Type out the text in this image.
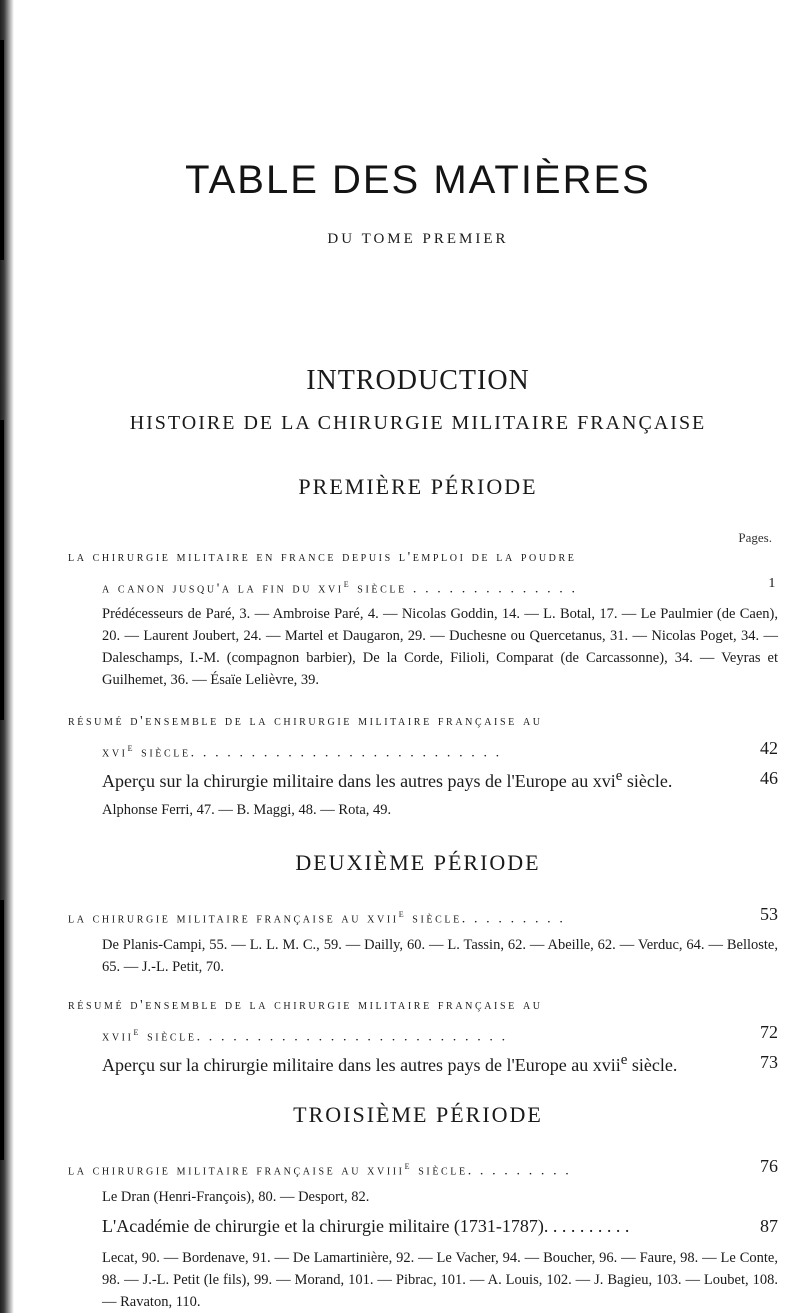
TABLE DES MATIÈRES
DU TOME PREMIER
INTRODUCTION
HISTOIRE DE LA CHIRURGIE MILITAIRE FRANÇAISE
PREMIÈRE PÉRIODE
Pages.
la chirurgie militaire en france depuis l'emploi de la poudre
a canon jusqu'a la fin du xvi$^e$ siècle . . . . . . . . . . . . . .	1
Prédécesseurs de Paré, 3. — Ambroise Paré, 4. — Nicolas Goddin, 14. — L. Botal, 17. — Le Paulmier (de Caen), 20. — Laurent Joubert, 24. — Martel et Daugaron, 29. — Duchesne ou Quercetanus, 31. — Nicolas Poget, 34. — Daleschamps, I.-M. (compagnon barbier), De la Corde, Filioli, Comparat (de Carcassonne), 34. — Veyras et Guilhemet, 36. — Ésaïe Lelièvre, 39.
résumé d'ensemble de la chirurgie militaire française au
xvi$^e$ siècle. . . . . . . . . . . . . . . . . . . . . . . . . .	42
Aperçu sur la chirurgie militaire dans les autres pays de l'Europe au xvi$^e$ siècle.	46
Alphonse Ferri, 47. — B. Maggi, 48. — Rota, 49.
DEUXIÈME PÉRIODE
la chirurgie militaire française au xvii$^e$ siècle. . . . . . . . .	53
De Planis-Campi, 55. — L. L. M. C., 59. — Dailly, 60. — L. Tassin, 62. — Abeille, 62. — Verduc, 64. — Belloste, 65. — J.-L. Petit, 70.
résumé d'ensemble de la chirurgie militaire française au
xvii$^e$ siècle. . . . . . . . . . . . . . . . . . . . . . . . . .	72
Aperçu sur la chirurgie militaire dans les autres pays de l'Europe au xvii$^e$ siècle.	73
TROISIÈME PÉRIODE
la chirurgie militaire française au xviii$^e$ siècle. . . . . . . . .	76
Le Dran (Henri-François), 80. — Desport, 82.
L'Académie de chirurgie et la chirurgie militaire (1731-1787). . . . . . . . . .	87
Lecat, 90. — Bordenave, 91. — De Lamartinière, 92. — Le Vacher, 94. — Boucher, 96. — Faure, 98. — Le Conte, 98. — J.-L. Petit (le fils), 99. — Morand, 101. — Pibrac, 101. — A. Louis, 102. — J. Bagieu, 103. — Loubet, 108. — Ravaton, 110.
